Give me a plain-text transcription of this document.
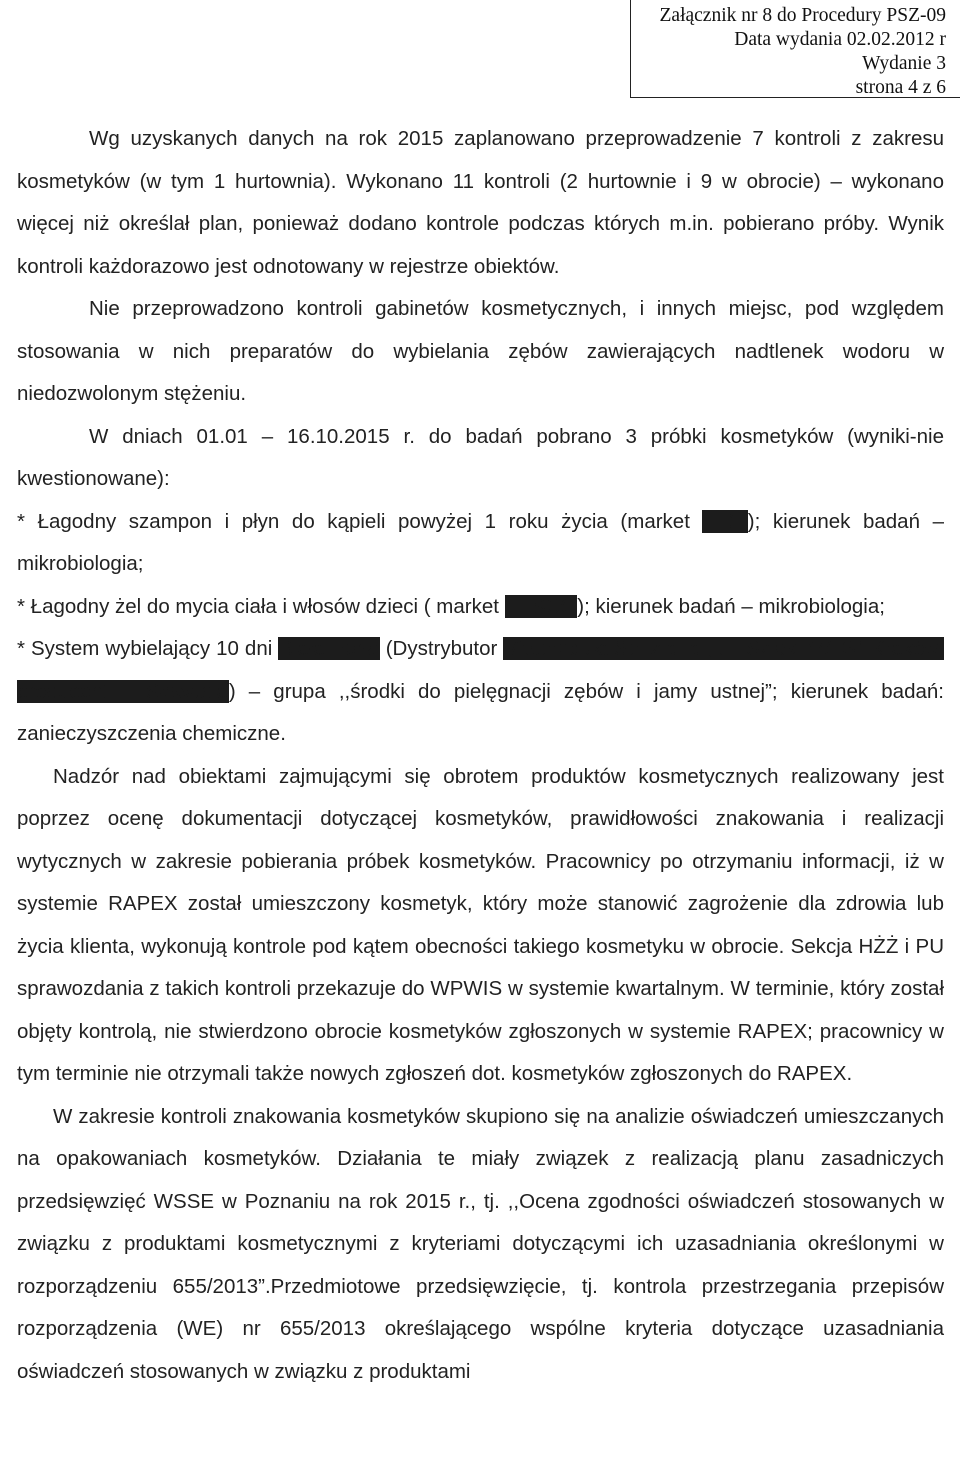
Załącznik nr 8 do Procedury PSZ-09
Data wydania 02.02.2012 r
Wydanie 3
strona 4 z 6

Wg uzyskanych danych na rok 2015 zaplanowano przeprowadzenie 7 kontroli z zakresu kosmetyków (w tym 1 hurtownia). Wykonano 11 kontroli (2 hurtownie i 9 w obrocie) – wykonano więcej niż określał plan, ponieważ dodano kontrole podczas których m.in. pobierano próby. Wynik kontroli każdorazowo jest odnotowany w rejestrze obiektów.

Nie przeprowadzono kontroli gabinetów kosmetycznych, i innych miejsc, pod względem stosowania w nich preparatów do wybielania zębów zawierających nadtlenek wodoru w niedozwolonym stężeniu.

W dniach 01.01 – 16.10.2015 r. do badań pobrano 3 próbki kosmetyków (wyniki-nie kwestionowane):

* Łagodny szampon i płyn do kąpieli powyżej 1 roku życia (market LIDL); kierunek badań – mikrobiologia;

* Łagodny żel do mycia ciała i włosów dzieci ( market TESCO); kierunek badań – mikrobiologia;

* System wybielający 10 dni Biała Perła (Dystrybutor Vitaprodukt Sp. z o. o., ul. Szlak 77/134 Kraków, producent – Słowacja) – grupa ,,środki do pielęgnacji zębów i jamy ustnej”; kierunek badań: zanieczyszczenia chemiczne.

Nadzór nad obiektami zajmującymi się obrotem produktów kosmetycznych realizowany jest poprzez ocenę dokumentacji dotyczącej kosmetyków, prawidłowości znakowania i realizacji wytycznych w zakresie pobierania próbek kosmetyków. Pracownicy po otrzymaniu informacji, iż w systemie RAPEX został umieszczony kosmetyk, który może stanowić zagrożenie dla zdrowia lub życia klienta, wykonują kontrole pod kątem obecności takiego kosmetyku w obrocie. Sekcja HŻŻ i PU sprawozdania z takich kontroli przekazuje do WPWIS w systemie kwartalnym. W terminie, który został objęty kontrolą, nie stwierdzono obrocie kosmetyków zgłoszonych w systemie RAPEX; pracownicy w tym terminie nie otrzymali także nowych zgłoszeń dot. kosmetyków zgłoszonych do RAPEX.

W zakresie kontroli znakowania kosmetyków skupiono się na analizie oświadczeń umieszczanych na opakowaniach kosmetyków. Działania te miały związek z realizacją planu zasadniczych przedsięwzięć WSSE w Poznaniu na rok 2015 r., tj. ,,Ocena zgodności oświadczeń stosowanych w związku z produktami kosmetycznymi z kryteriami dotyczącymi ich uzasadniania określonymi w rozporządzeniu 655/2013”.Przedmiotowe przedsięwzięcie, tj. kontrola przestrzegania przepisów rozporządzenia (WE) nr 655/2013 określającego wspólne kryteria dotyczące uzasadniania oświadczeń stosowanych w związku z produktami
